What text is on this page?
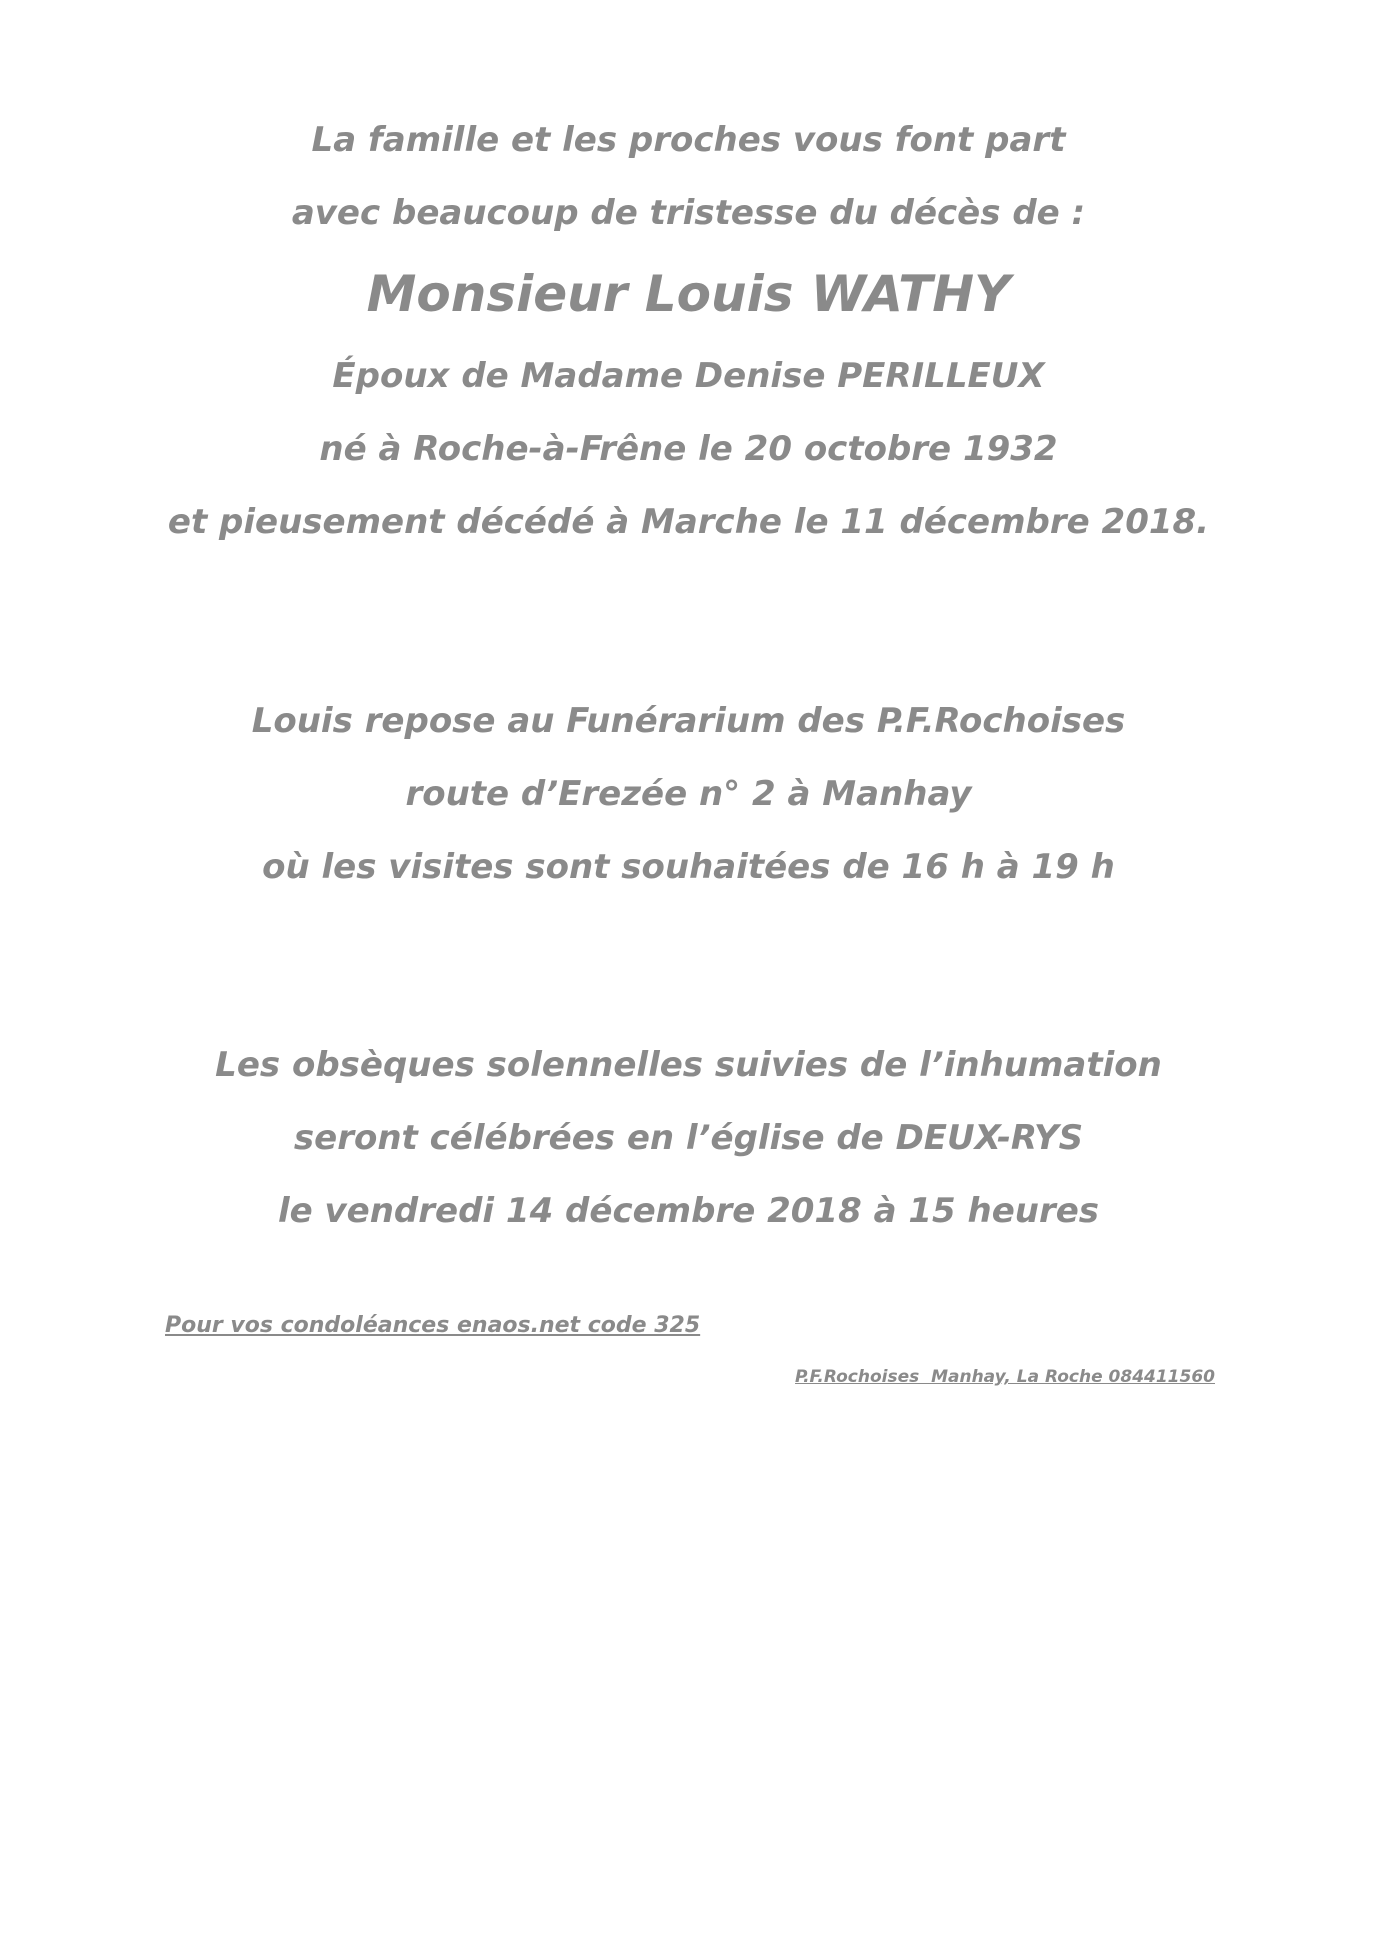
La famille et les proches vous font part
avec beaucoup de tristesse du décès de :
Monsieur Louis WATHY
Époux de Madame Denise PERILLEUX
né à Roche-à-Frêne le 20 octobre 1932
et pieusement décédé à Marche le 11 décembre 2018.
Louis repose au Funérarium des P.F.Rochoises
route d’Erezée n° 2 à Manhay
où les visites sont souhaitées de 16 h à 19 h
Les obsèques solennelles suivies de l’inhumation
seront célébrées en l’église de DEUX-RYS
le vendredi 14 décembre 2018 à 15 heures
Pour vos condoléances enaos.net code 325
P.F.Rochoises  Manhay, La Roche 084411560
